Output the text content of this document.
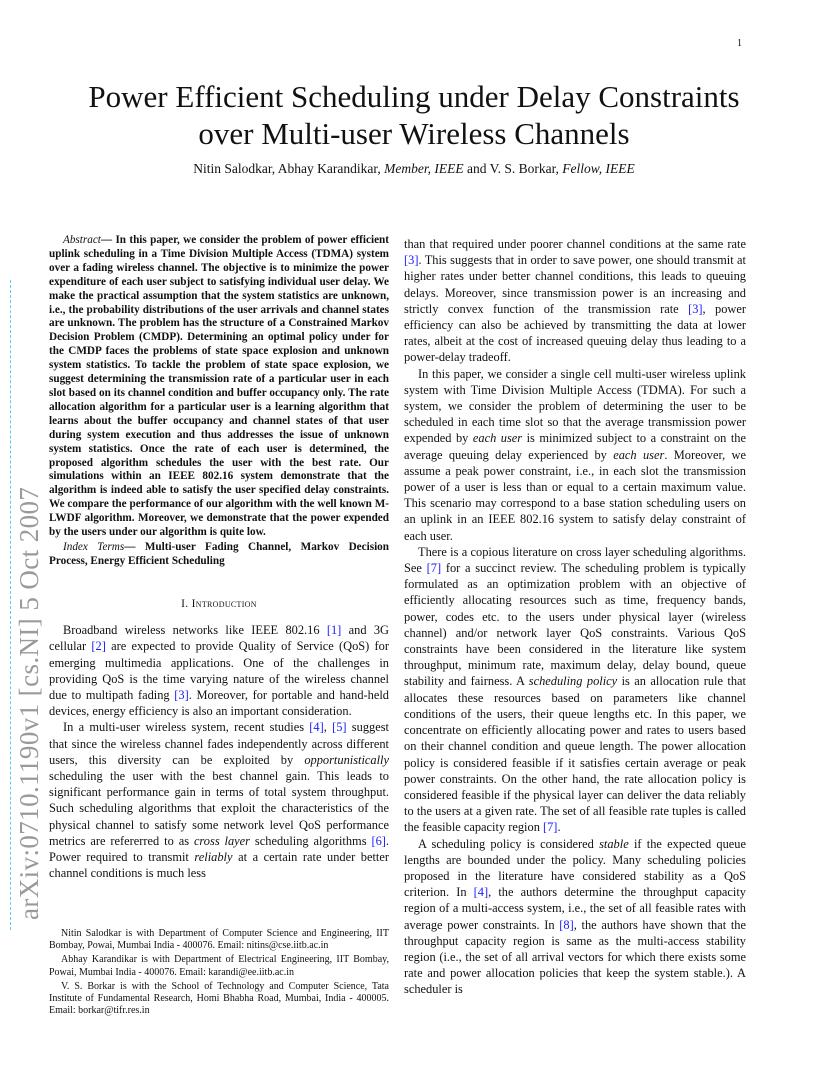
1
Power Efficient Scheduling under Delay Constraints
over Multi-user Wireless Channels
Nitin Salodkar, Abhay Karandikar, Member, IEEE and V. S. Borkar, Fellow, IEEE
arXiv:0710.1190v1 [cs.NI] 5 Oct 2007

Abstract— In this paper, we consider the problem of power efficient uplink scheduling in a Time Division Multiple Access (TDMA) system over a fading wireless channel. The objective is to minimize the power expenditure of each user subject to satisfying individual user delay. We make the practical assumption that the system statistics are unknown, i.e., the probability distributions of the user arrivals and channel states are unknown. The problem has the structure of a Constrained Markov Decision Problem (CMDP). Determining an optimal policy under for the CMDP faces the problems of state space explosion and unknown system statistics. To tackle the problem of state space explosion, we suggest determining the transmission rate of a particular user in each slot based on its channel condition and buffer occupancy only. The rate allocation algorithm for a particular user is a learning algorithm that learns about the buffer occupancy and channel states of that user during system execution and thus addresses the issue of unknown system statistics. Once the rate of each user is determined, the proposed algorithm schedules the user with the best rate. Our simulations within an IEEE 802.16 system demonstrate that the algorithm is indeed able to satisfy the user specified delay constraints. We compare the performance of our algorithm with the well known M-LWDF algorithm. Moreover, we demonstrate that the power expended by the users under our algorithm is quite low.

Index Terms— Multi-user Fading Channel, Markov Decision Process, Energy Efficient Scheduling

I. Introduction

Broadband wireless networks like IEEE 802.16 [1] and 3G cellular [2] are expected to provide Quality of Service (QoS) for emerging multimedia applications. One of the challenges in providing QoS is the time varying nature of the wireless channel due to multipath fading [3]. Moreover, for portable and hand-held devices, energy efficiency is also an important consideration.

In a multi-user wireless system, recent studies [4], [5] suggest that since the wireless channel fades independently across different users, this diversity can be exploited by opportunistically scheduling the user with the best channel gain. This leads to significant performance gain in terms of total system throughput. Such scheduling algorithms that exploit the characteristics of the physical channel to satisfy some network level QoS performance metrics are refererred to as cross layer scheduling algorithms [6]. Power required to transmit reliably at a certain rate under better channel conditions is much less

Nitin Salodkar is with Department of Computer Science and Engineering, IIT Bombay, Powai, Mumbai India - 400076. Email: nitins@cse.iitb.ac.in

Abhay Karandikar is with Department of Electrical Engineering, IIT Bombay, Powai, Mumbai India - 400076. Email: karandi@ee.iitb.ac.in

V. S. Borkar is with the School of Technology and Computer Science, Tata Institute of Fundamental Research, Homi Bhabha Road, Mumbai, India - 400005. Email: borkar@tifr.res.in

than that required under poorer channel conditions at the same rate [3]. This suggests that in order to save power, one should transmit at higher rates under better channel conditions, this leads to queuing delays. Moreover, since transmission power is an increasing and strictly convex function of the transmission rate [3], power efficiency can also be achieved by transmitting the data at lower rates, albeit at the cost of increased queuing delay thus leading to a power-delay tradeoff.

In this paper, we consider a single cell multi-user wireless uplink system with Time Division Multiple Access (TDMA). For such a system, we consider the problem of determining the user to be scheduled in each time slot so that the average transmission power expended by each user is minimized subject to a constraint on the average queuing delay experienced by each user. Moreover, we assume a peak power constraint, i.e., in each slot the transmission power of a user is less than or equal to a certain maximum value. This scenario may correspond to a base station scheduling users on an uplink in an IEEE 802.16 system to satisfy delay constraint of each user.

There is a copious literature on cross layer scheduling algorithms. See [7] for a succinct review. The scheduling problem is typically formulated as an optimization problem with an objective of efficiently allocating resources such as time, frequency bands, power, codes etc. to the users under physical layer (wireless channel) and/or network layer QoS constraints. Various QoS constraints have been considered in the literature like system throughput, minimum rate, maximum delay, delay bound, queue stability and fairness. A scheduling policy is an allocation rule that allocates these resources based on parameters like channel conditions of the users, their queue lengths etc. In this paper, we concentrate on efficiently allocating power and rates to users based on their channel condition and queue length. The power allocation policy is considered feasible if it satisfies certain average or peak power constraints. On the other hand, the rate allocation policy is considered feasible if the physical layer can deliver the data reliably to the users at a given rate. The set of all feasible rate tuples is called the feasible capacity region [7].

A scheduling policy is considered stable if the expected queue lengths are bounded under the policy. Many scheduling policies proposed in the literature have considered stability as a QoS criterion. In [4], the authors determine the throughput capacity region of a multi-access system, i.e., the set of all feasible rates with average power constraints. In [8], the authors have shown that the throughput capacity region is same as the multi-access stability region (i.e., the set of all arrival vectors for which there exists some rate and power allocation policies that keep the system stable.). A scheduler is
